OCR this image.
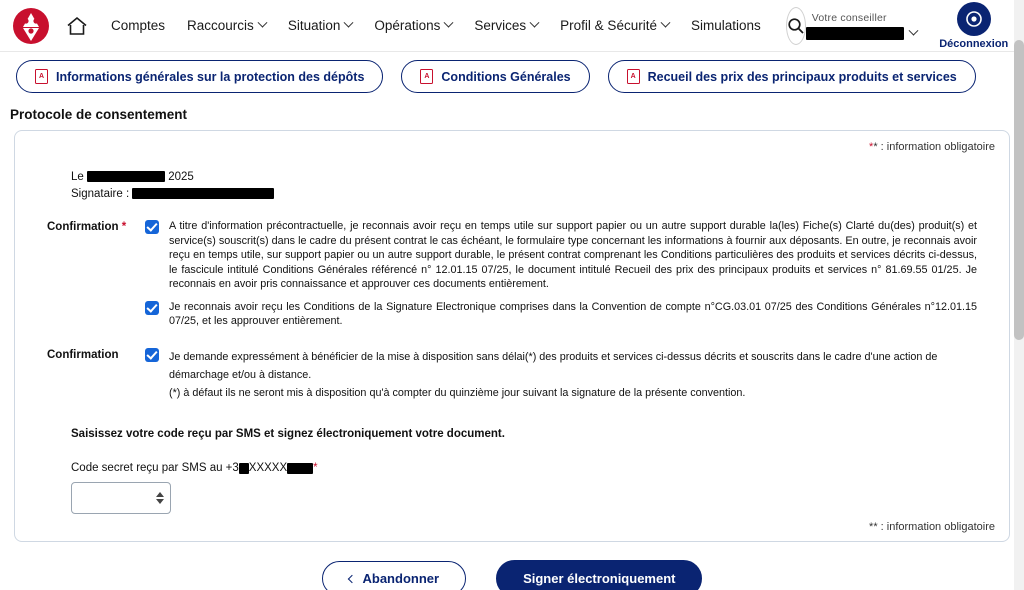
Comptes Raccourcis	Situation	Opérations	Services	Profil & Sécurité	Simulations
Votre conseiller
Déconnexion
A Informations générales sur la protection des dépôts	A Conditions Générales	A Recueil des prix des principaux produits et services
Protocole de consentement
** : information obligatoire
Le	2025
Signataire :
Confirmation *	A titre d'information précontractuelle, je reconnais avoir reçu en temps utile sur support papier ou un autre support durable la(les) Fiche(s) Clarté du(des) produit(s) et service(s) souscrit(s) dans le cadre du présent contrat le cas échéant, le formulaire type concernant les informations à fournir aux déposants. En outre, je reconnais avoir reçu en temps utile, sur support papier ou un autre support durable, le présent contrat comprenant les Conditions particulières des produits et services décrits ci-dessus, le fascicule intitulé Conditions Générales référencé n° 12.01.15 07/25, le document intitulé Recueil des prix des principaux produits et services n° 81.69.55 01/25. Je reconnais en avoir pris connaissance et approuver ces documents entièrement.
Je reconnais avoir reçu les Conditions de la Signature Electronique comprises dans la Convention de compte n°CG.03.01 07/25 des Conditions Générales n°12.01.15 07/25, et les approuver entièrement.
Confirmation	Je demande expressément à bénéficier de la mise à disposition sans délai(*) des produits et services ci-dessus décrits et souscrits dans le cadre d'une action de démarchage et/ou à distance.
(*) à défaut ils ne seront mis à disposition qu'à compter du quinzième jour suivant la signature de la présente convention.
Saisissez votre code reçu par SMS et signez électroniquement votre document.
Code secret reçu par SMS au +3 XXXXX *
** : information obligatoire
Abandonner	Signer électroniquement
